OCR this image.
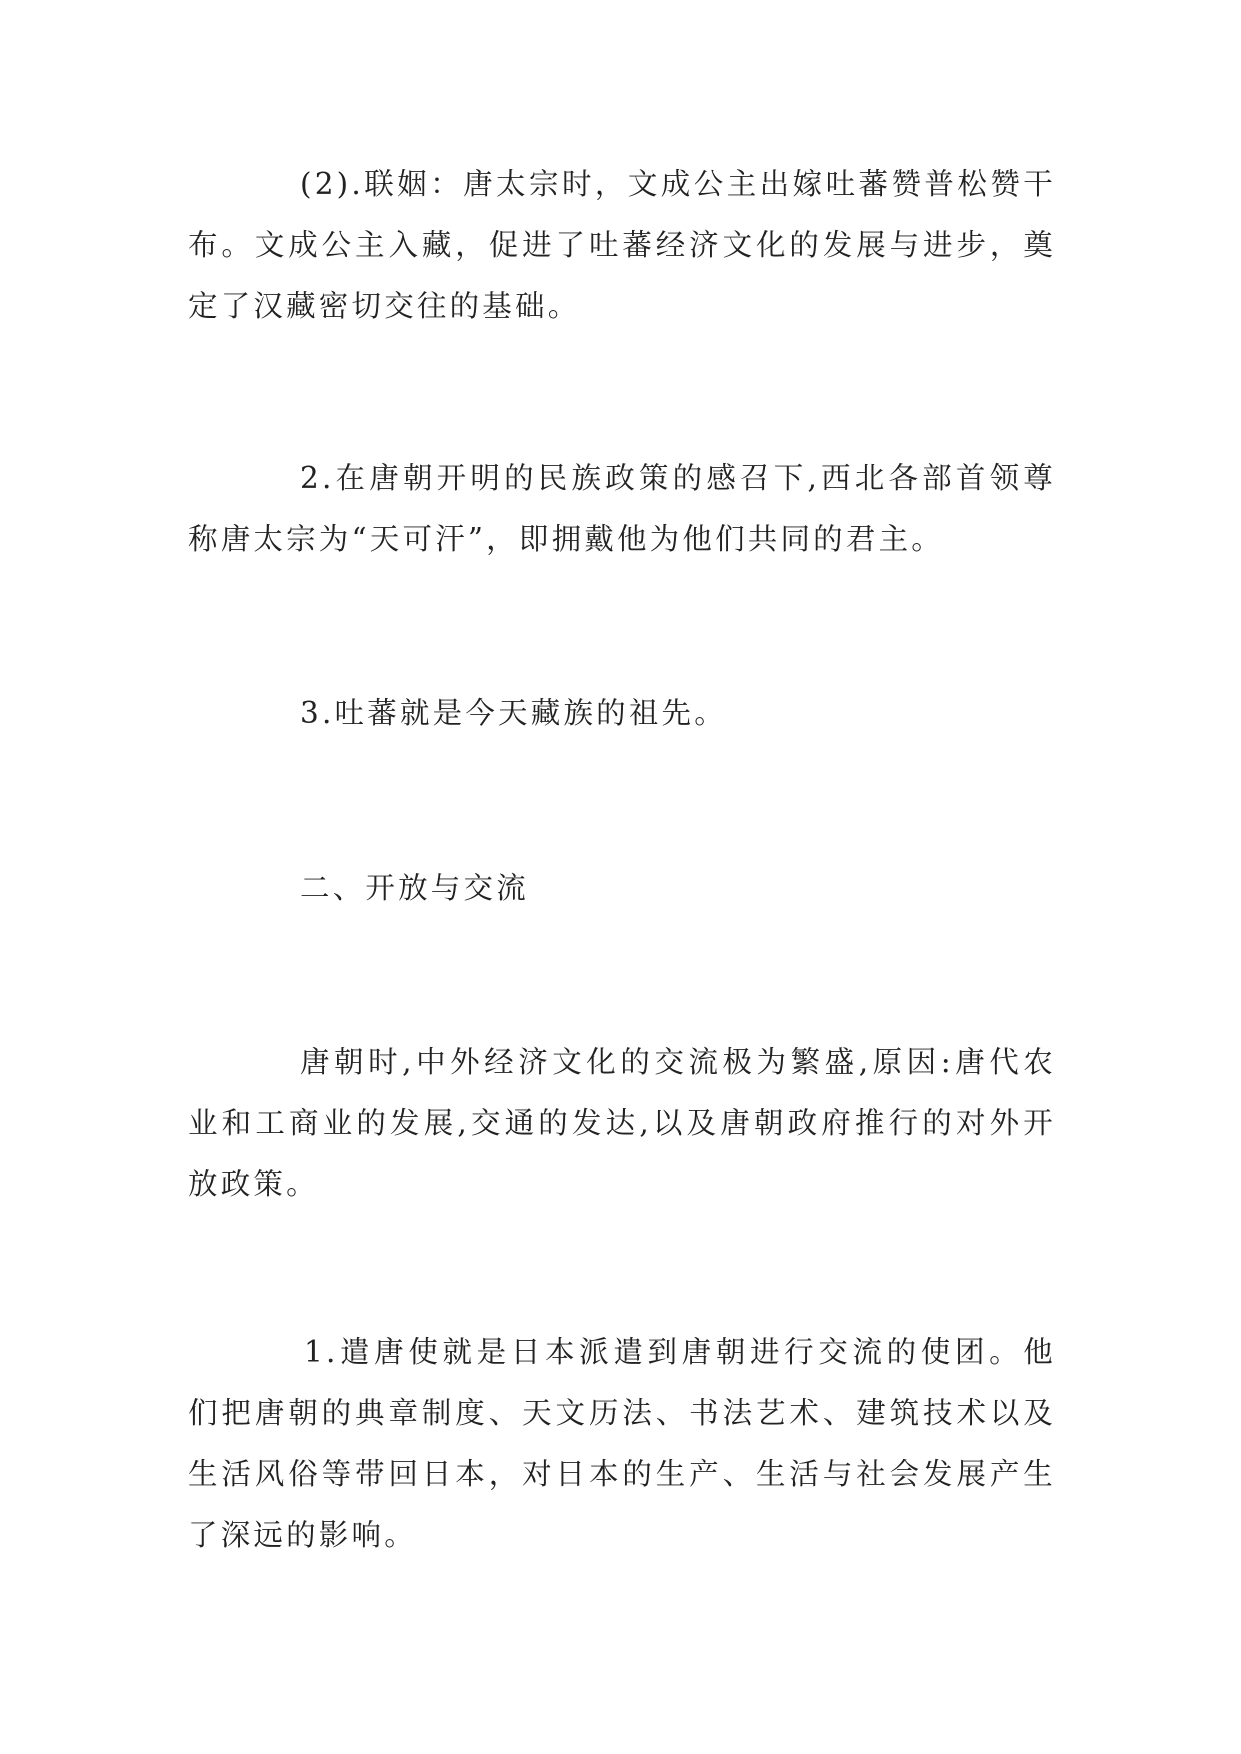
(2).联姻：唐太宗时，文成公主出嫁吐蕃赞普松赞干布。文成公主入藏，促进了吐蕃经济文化的发展与进步，奠定了汉藏密切交往的基础。

2.在唐朝开明的民族政策的感召下,西北各部首领尊称唐太宗为“天可汗”，即拥戴他为他们共同的君主。

3.吐蕃就是今天藏族的祖先。

二、开放与交流

唐朝时,中外经济文化的交流极为繁盛,原因:唐代农业和工商业的发展,交通的发达,以及唐朝政府推行的对外开放政策。

1.遣唐使就是日本派遣到唐朝进行交流的使团。他们把唐朝的典章制度、天文历法、书法艺术、建筑技术以及生活风俗等带回日本，对日本的生产、生活与社会发展产生了深远的影响。
